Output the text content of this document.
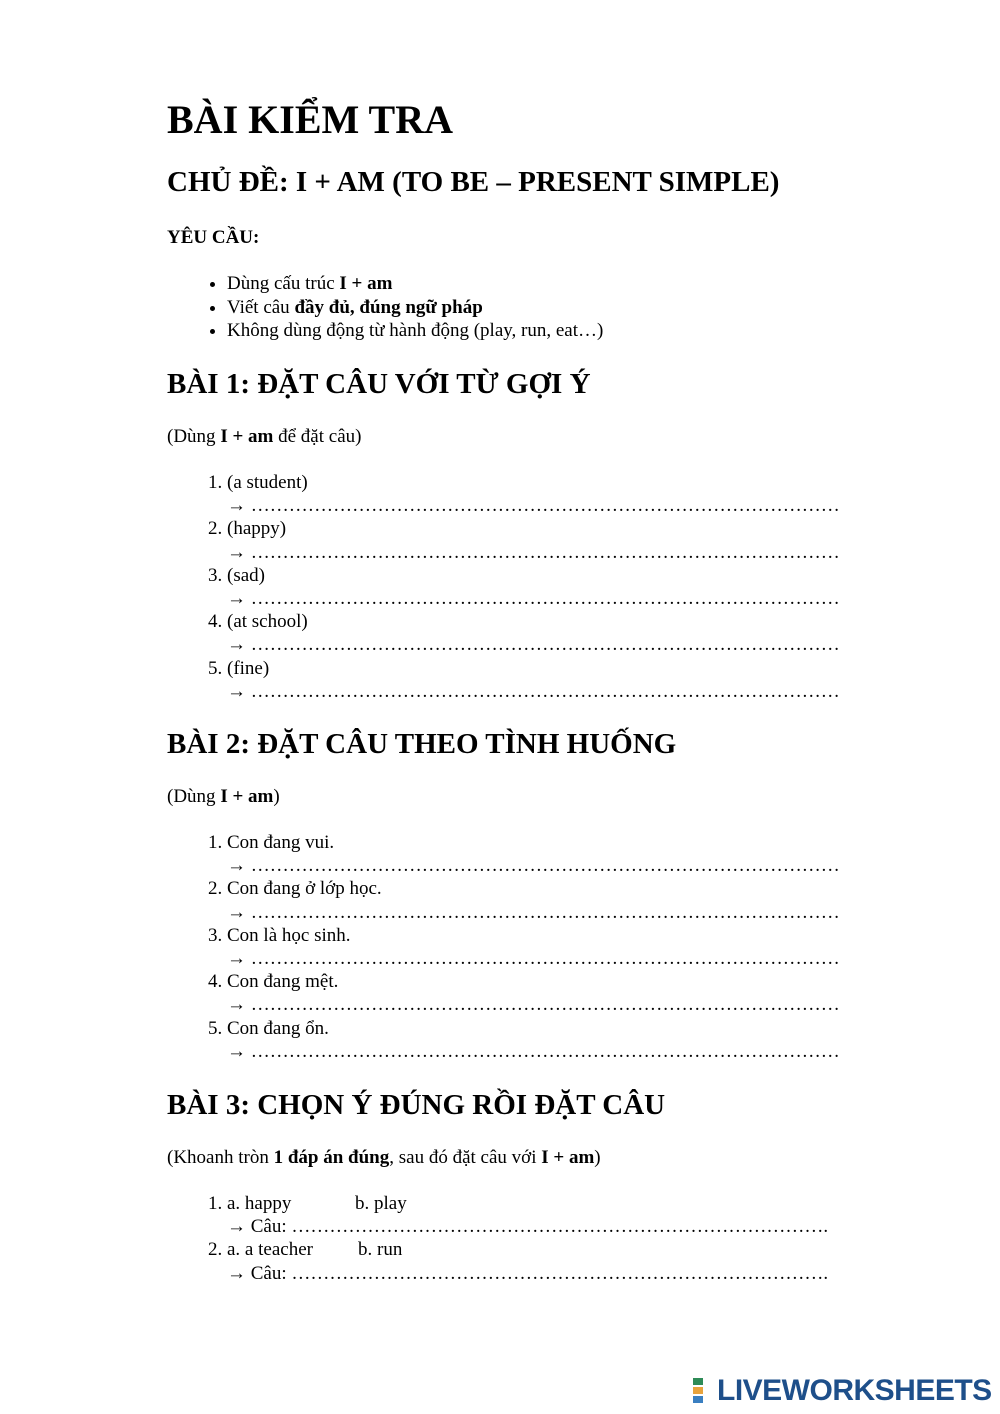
BÀI KIỂM TRA
CHỦ ĐỀ: I + AM (TO BE – PRESENT SIMPLE)
YÊU CẦU:
• Dùng cấu trúc I + am
• Viết câu đầy đủ, đúng ngữ pháp
• Không dùng động từ hành động (play, run, eat…)
BÀI 1: ĐẶT CÂU VỚI TỪ GỢI Ý
(Dùng I + am để đặt câu)
1. (a student)
→ …………………………………………………………………………………
2. (happy)
→ …………………………………………………………………………………
3. (sad)
→ …………………………………………………………………………………
4. (at school)
→ …………………………………………………………………………………
5. (fine)
→ …………………………………………………………………………………
BÀI 2: ĐẶT CÂU THEO TÌNH HUỐNG
(Dùng I + am)
1. Con đang vui.
→ …………………………………………………………………………………
2. Con đang ở lớp học.
→ …………………………………………………………………………………
3. Con là học sinh.
→ …………………………………………………………………………………
4. Con đang mệt.
→ …………………………………………………………………………………
5. Con đang ổn.
→ …………………………………………………………………………………
BÀI 3: CHỌN Ý ĐÚNG RỒI ĐẶT CÂU
(Khoanh tròn 1 đáp án đúng, sau đó đặt câu với I + am)
1. a. happy	b. play
→ Câu: ………………………………………………………………………….
2. a. a teacher b. run
→ Câu: ………………………………………………………………………….
LIVEWORKSHEETS
